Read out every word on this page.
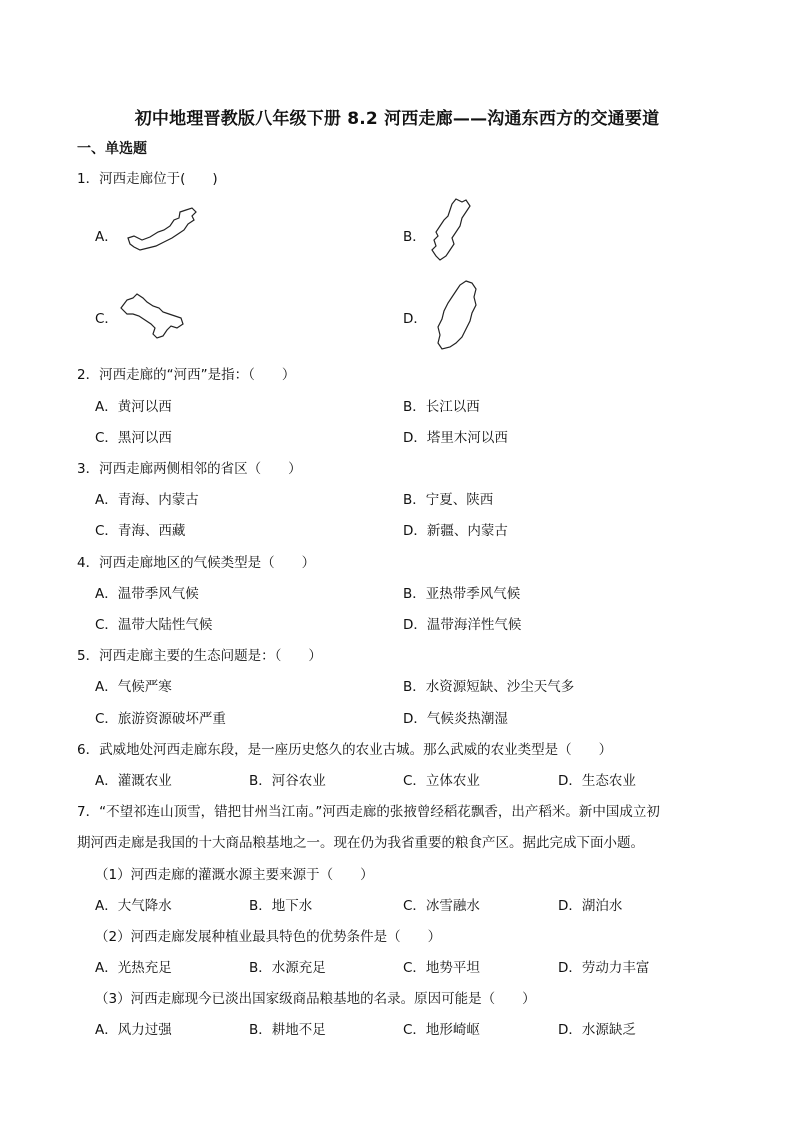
初中地理晋教版八年级下册 8.2 河西走廊——沟通东西方的交通要道
一、单选题
1．河西走廊位于(　　)
A．	B．
C．	D．
2．河西走廊的“河西”是指：（　　）
A．黄河以西	B．长江以西
C．黑河以西	D．塔里木河以西
3．河西走廊两侧相邻的省区（　　）
A．青海、内蒙古	B．宁夏、陕西
C．青海、西藏	D．新疆、内蒙古
4．河西走廊地区的气候类型是（　　）
A．温带季风气候	B．亚热带季风气候
C．温带大陆性气候	D．温带海洋性气候
5．河西走廊主要的生态问题是：（　　）
A．气候严寒	B．水资源短缺、沙尘天气多
C．旅游资源破坏严重	D．气候炎热潮湿
6．武威地处河西走廊东段，是一座历史悠久的农业古城。那么武威的农业类型是（　　）
A．灌溉农业	B．河谷农业	C．立体农业	D．生态农业
7．“不望祁连山顶雪，错把甘州当江南。”河西走廊的张掖曾经稻花飘香，出产稻米。新中国成立初
期河西走廊是我国的十大商品粮基地之一。现在仍为我省重要的粮食产区。据此完成下面小题。
（1）河西走廊的灌溉水源主要来源于（　　）
A．大气降水	B．地下水	C．冰雪融水	D．湖泊水
（2）河西走廊发展种植业最具特色的优势条件是（　　）
A．光热充足	B．水源充足	C．地势平坦	D．劳动力丰富
（3）河西走廊现今已淡出国家级商品粮基地的名录。原因可能是（　　）
A．风力过强	B．耕地不足	C．地形崎岖	D．水源缺乏
